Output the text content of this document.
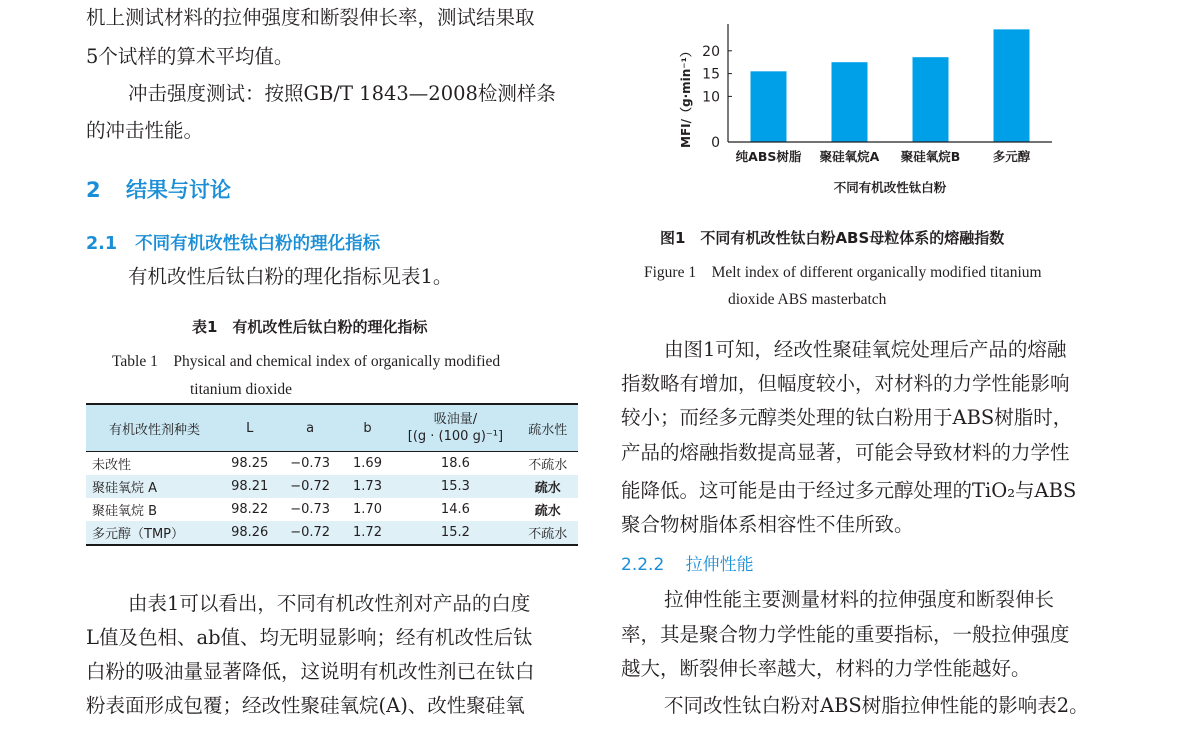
机上测试材料的拉伸强度和断裂伸长率，测试结果取
5个试样的算术平均值。
冲击强度测试：按照GB/T 1843—2008检测样条
的冲击性能。
2 结果与讨论
2.1 不同有机改性钛白粉的理化指标
有机改性后钛白粉的理化指标见表1。
表1　有机改性后钛白粉的理化指标
Table 1　Physical and chemical index of organically modified
titanium dioxide
有机改性剂种类	L	a	b	吸油量/
[(g · (100 g)⁻¹]	疏水性
未改性	98.25	−0.73	1.69	18.6	不疏水
聚硅氧烷 A	98.21	−0.72	1.73	15.3	疏水
聚硅氧烷 B	98.22	−0.73	1.70	14.6	疏水
多元醇（TMP）	98.26	−0.72	1.72	15.2	不疏水
由表1可以看出，不同有机改性剂对产品的白度
L值及色相、ab值、均无明显影响；经有机改性后钛
白粉的吸油量显著降低，这说明有机改性剂已在钛白
粉表面形成包覆；经改性聚硅氧烷(A)、改性聚硅氧
纯ABS树脂 聚硅氧烷A 聚硅氧烷B	多元醇
0
10
15
20
MFI/（g·min⁻¹）
不同有机改性钛白粉
图1　不同有机改性钛白粉ABS母粒体系的熔融指数
Figure 1　Melt index of different organically modified titanium
dioxide ABS masterbatch
由图1可知，经改性聚硅氧烷处理后产品的熔融
指数略有增加，但幅度较小，对材料的力学性能影响
较小；而经多元醇类处理的钛白粉用于ABS树脂时，
产品的熔融指数提高显著，可能会导致材料的力学性
能降低。这可能是由于经过多元醇处理的TiO₂与ABS
聚合物树脂体系相容性不佳所致。
2.2.2 拉伸性能
拉伸性能主要测量材料的拉伸强度和断裂伸长
率，其是聚合物力学性能的重要指标，一般拉伸强度
越大，断裂伸长率越大，材料的力学性能越好。
不同改性钛白粉对ABS树脂拉伸性能的影响表2。
